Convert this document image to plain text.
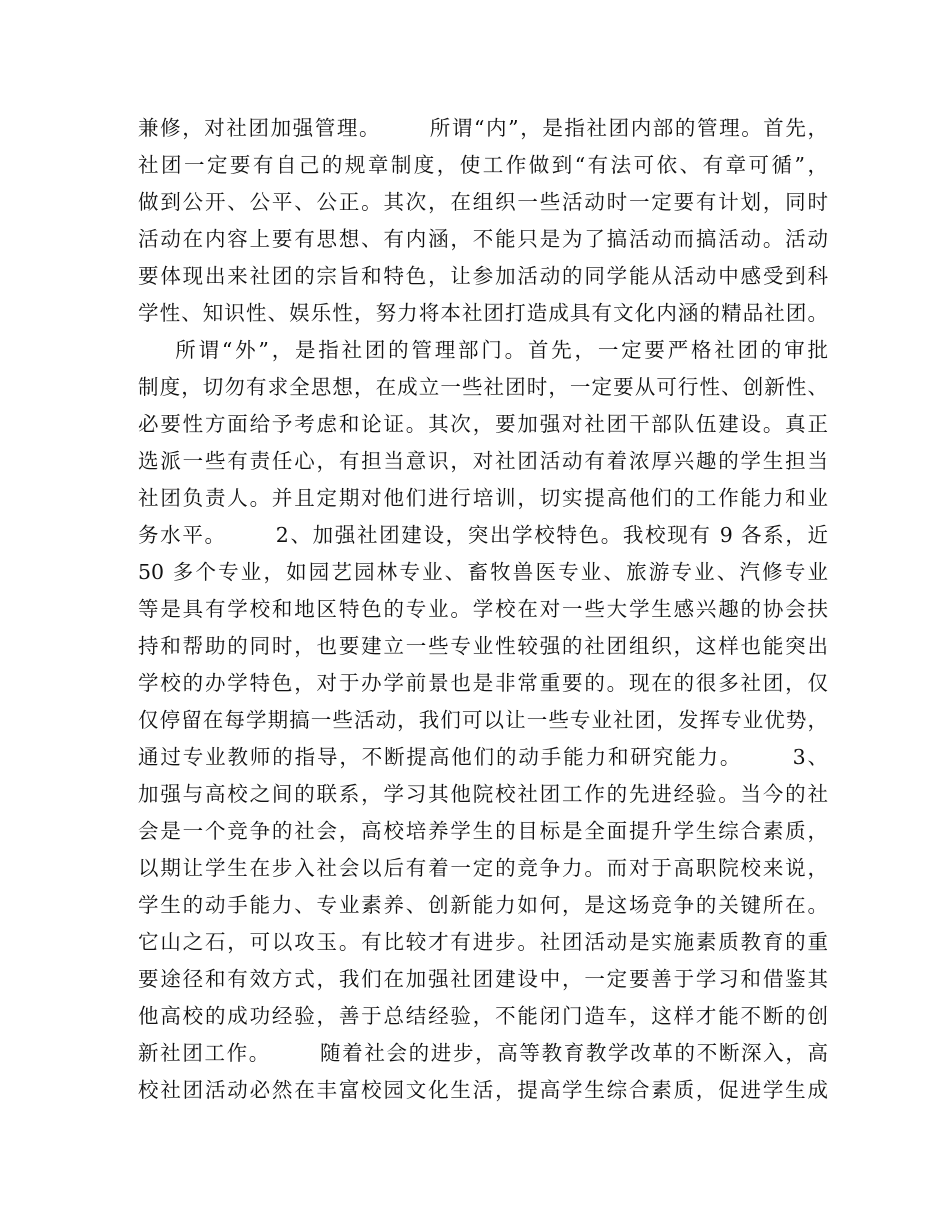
兼修，对社团加强管理。      所谓“内”，是指社团内部的管理。首先，
社团一定要有自己的规章制度，使工作做到“有法可依、有章可循”，
做到公开、公平、公正。其次，在组织一些活动时一定要有计划，同时
活动在内容上要有思想、有内涵，不能只是为了搞活动而搞活动。活动
要体现出来社团的宗旨和特色，让参加活动的同学能从活动中感受到科
学性、知识性、娱乐性，努力将本社团打造成具有文化内涵的精品社团。
所谓“外”，是指社团的管理部门。首先，一定要严格社团的审批
制度，切勿有求全思想，在成立一些社团时，一定要从可行性、创新性、
必要性方面给予考虑和论证。其次，要加强对社团干部队伍建设。真正
选派一些有责任心，有担当意识，对社团活动有着浓厚兴趣的学生担当
社团负责人。并且定期对他们进行培训，切实提高他们的工作能力和业
务水平。      2、加强社团建设，突出学校特色。我校现有 9 各系，近
50 多个专业，如园艺园林专业、畜牧兽医专业、旅游专业、汽修专业
等是具有学校和地区特色的专业。学校在对一些大学生感兴趣的协会扶
持和帮助的同时，也要建立一些专业性较强的社团组织，这样也能突出
学校的办学特色，对于办学前景也是非常重要的。现在的很多社团，仅
仅停留在每学期搞一些活动，我们可以让一些专业社团，发挥专业优势，
通过专业教师的指导，不断提高他们的动手能力和研究能力。      3、
加强与高校之间的联系，学习其他院校社团工作的先进经验。当今的社
会是一个竞争的社会，高校培养学生的目标是全面提升学生综合素质，
以期让学生在步入社会以后有着一定的竞争力。而对于高职院校来说，
学生的动手能力、专业素养、创新能力如何，是这场竞争的关键所在。
它山之石，可以攻玉。有比较才有进步。社团活动是实施素质教育的重
要途径和有效方式，我们在加强社团建设中，一定要善于学习和借鉴其
他高校的成功经验，善于总结经验，不能闭门造车，这样才能不断的创
新社团工作。      随着社会的进步，高等教育教学改革的不断深入，高
校社团活动必然在丰富校园文化生活，提高学生综合素质，促进学生成
